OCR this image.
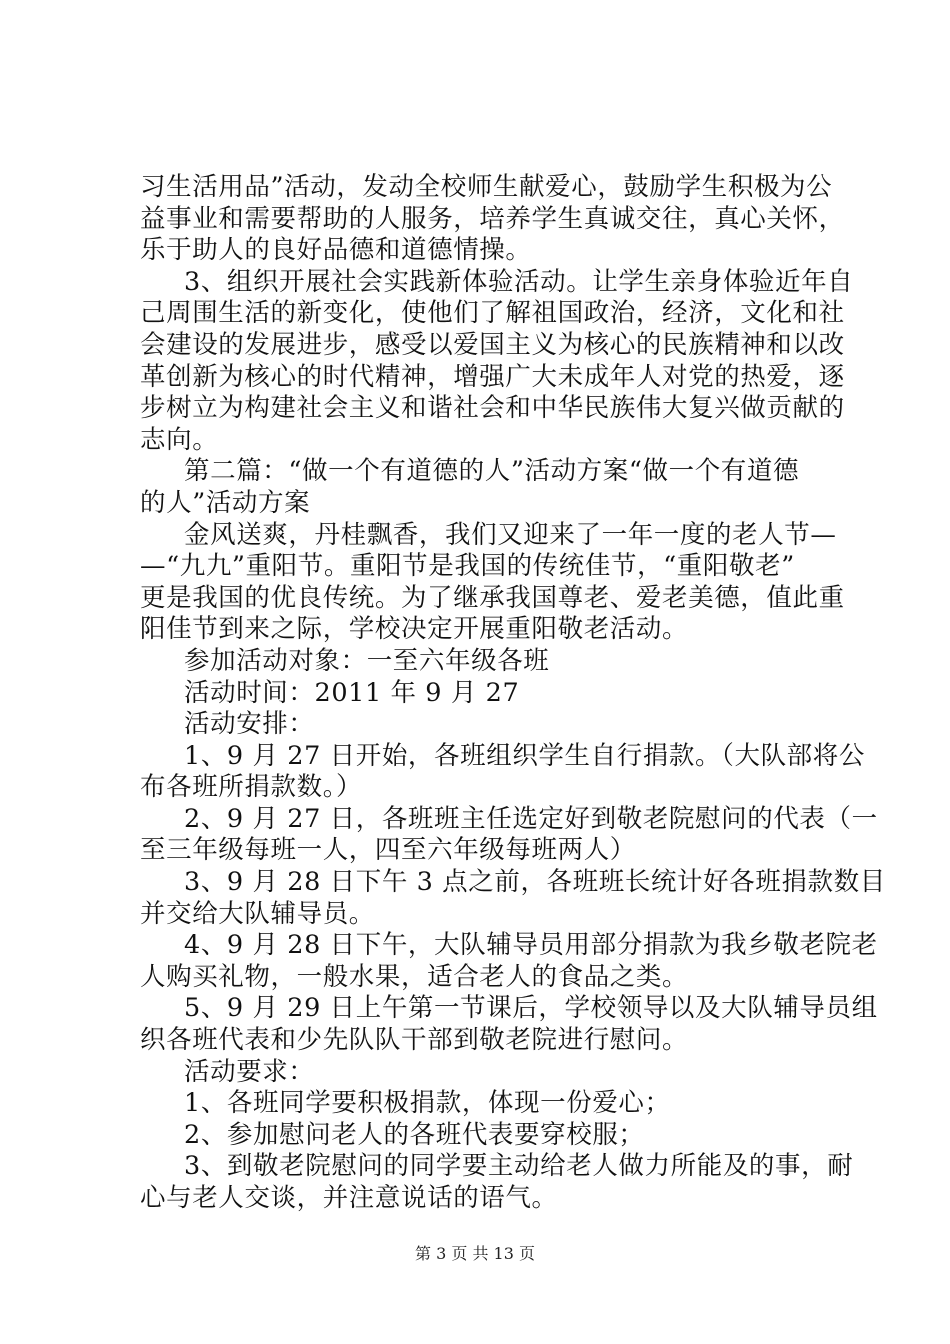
习生活用品”活动，发动全校师生献爱心，鼓励学生积极为公
益事业和需要帮助的人服务，培养学生真诚交往，真心关怀，
乐于助人的良好品德和道德情操。
3、组织开展社会实践新体验活动。让学生亲身体验近年自
己周围生活的新变化，使他们了解祖国政治，经济，文化和社
会建设的发展进步，感受以爱国主义为核心的民族精神和以改
革创新为核心的时代精神，增强广大未成年人对党的热爱，逐
步树立为构建社会主义和谐社会和中华民族伟大复兴做贡献的
志向。
第二篇：“做一个有道德的人”活动方案“做一个有道德
的人”活动方案
金风送爽，丹桂飘香，我们又迎来了一年一度的老人节—
—“九九”重阳节。重阳节是我国的传统佳节，“重阳敬老”
更是我国的优良传统。为了继承我国尊老、爱老美德，值此重
阳佳节到来之际，学校决定开展重阳敬老活动。
参加活动对象：一至六年级各班
活动时间：2011 年 9 月 27
活动安排：
1、9 月 27 日开始，各班组织学生自行捐款。（大队部将公
布各班所捐款数。）
2、9 月 27 日，各班班主任选定好到敬老院慰问的代表（一
至三年级每班一人，四至六年级每班两人）
3、9 月 28 日下午 3 点之前，各班班长统计好各班捐款数目
并交给大队辅导员。
4、9 月 28 日下午，大队辅导员用部分捐款为我乡敬老院老
人购买礼物，一般水果，适合老人的食品之类。
5、9 月 29 日上午第一节课后，学校领导以及大队辅导员组
织各班代表和少先队队干部到敬老院进行慰问。
活动要求：
1、各班同学要积极捐款，体现一份爱心；
2、参加慰问老人的各班代表要穿校服；
3、到敬老院慰问的同学要主动给老人做力所能及的事，耐
心与老人交谈，并注意说话的语气。
第 3 页 共 13 页
